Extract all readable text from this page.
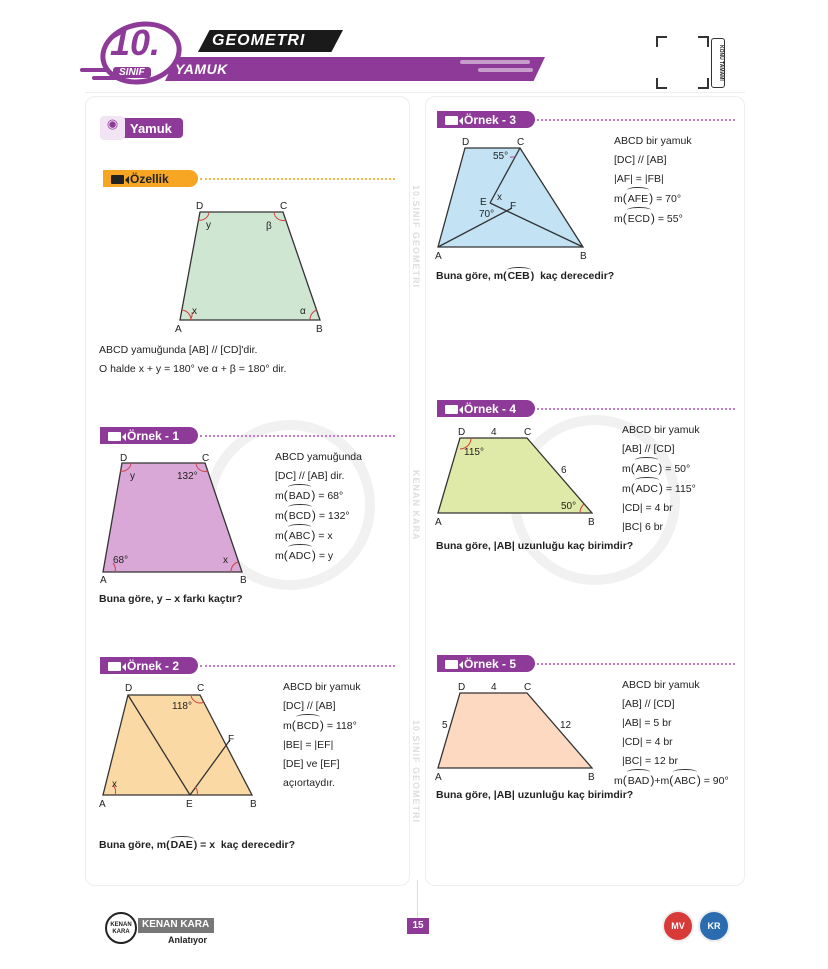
YAMUK
GEOMETRI
10.
SINIF	KONU TAMAMI
10.SINIF GEOMETRI
KENAN KARA
10.SINIF GEOMETRI
Yamuk
◉
Özellik
A	B
C
D
x
y
α
β
ABCD yamuğunda [AB] // [CD]'dir.
O halde x + y = 180° ve α + β = 180° dir.
Örnek - 1
Örnek - 2
Örnek - 3
Örnek - 4
Örnek - 5
A	B
C
D
68°
132°
x
y
A	B
C
D
E
F
118°
x
A	B
C
D
E F
55°
70°
x
A	B
C
D	4
6
115°
50°
A	B
C
D	4
5	12
ABCD yamuğunda
[DC] // [AB] dir.
m(BAD) = 68°
m(BCD) = 132°
m(ABC) = x
m(ADC) = y
Buna göre, y – x farkı kaçtır?
ABCD bir yamuk
[DC] // [AB]
m(BCD) = 118°
|BE| = |EF|
[DE] ve [EF]
açıortaydır.
Buna göre, m(DAE) = x  kaç derecedir?
ABCD bir yamuk
[DC] // [AB]
|AF| = |FB|
m(AFE) = 70°
m(ECD) = 55°
Buna göre, m(CEB)  kaç derecedir?
ABCD bir yamuk
[AB] // [CD]
m(ABC) = 50°
m(ADC) = 115°
|CD| = 4 br
|BC| 6 br
Buna göre, |AB| uzunluğu kaç birimdir?
ABCD bir yamuk
[AB] // [CD]
|AB| = 5 br
|CD| = 4 br
|BC| = 12 br
m(BAD)+m(ABC) = 90°
Buna göre, |AB| uzunluğu kaç birimdir?
KENAN KARA
KENAN KARA
Anlatıyor
15	MV	KR
